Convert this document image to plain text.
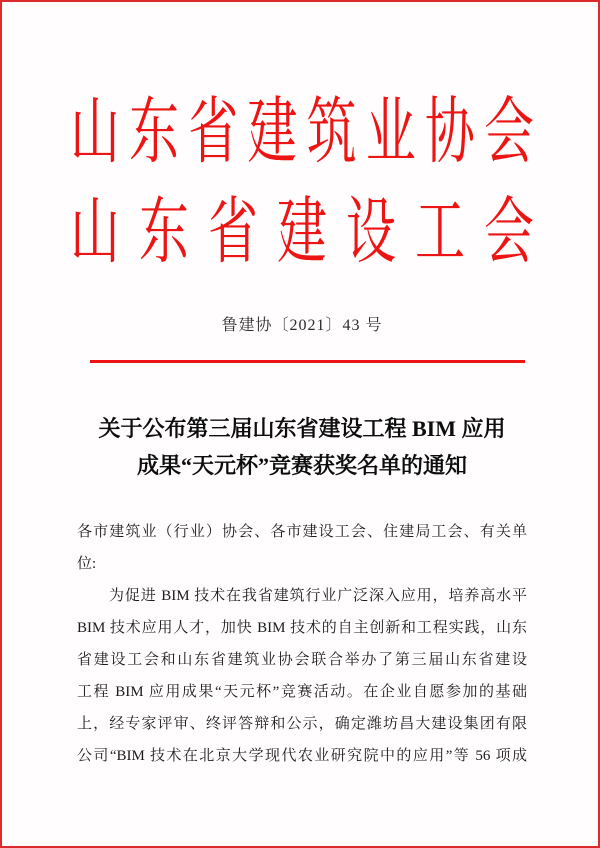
山东省建筑业协会
山东省建设工会
鲁建协〔2021〕43 号
关于公布第三届山东省建设工程 BIM 应用
成果“天元杯”竞赛获奖名单的通知
各市建筑业（行业）协会、各市建设工会、住建局工会、有关单
位:
为促进 BIM 技术在我省建筑行业广泛深入应用，培养高水平
BIM 技术应用人才，加快 BIM 技术的自主创新和工程实践，山东
省建设工会和山东省建筑业协会联合举办了第三届山东省建设
工程 BIM 应用成果“天元杯”竞赛活动。在企业自愿参加的基础
上，经专家评审、终评答辩和公示，确定潍坊昌大建设集团有限
公司“BIM 技术在北京大学现代农业研究院中的应用”等 56 项成
